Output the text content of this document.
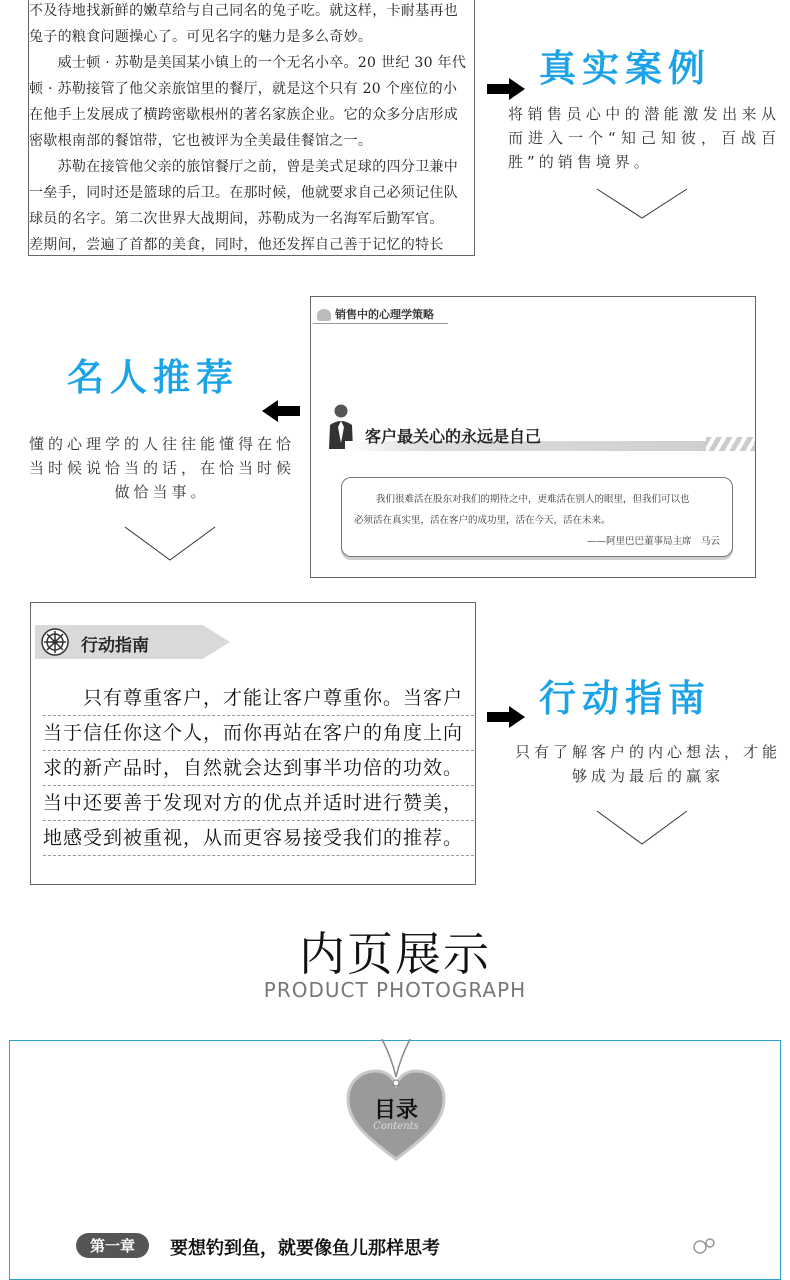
不及待地找新鲜的嫩草给与自己同名的兔子吃。就这样，卡耐基再也

兔子的粮食问题操心了。可见名字的魅力是多么奇妙。

　　威士顿 · 苏勒是美国某小镇上的一个无名小卒。20 世纪 30 年代

顿 · 苏勒接管了他父亲旅馆里的餐厅，就是这个只有 20 个座位的小

在他手上发展成了横跨密歇根州的著名家族企业。它的众多分店形成

密歇根南部的餐馆带，它也被评为全美最佳餐馆之一。

　　苏勒在接管他父亲的旅馆餐厅之前，曾是美式足球的四分卫兼中

一垒手，同时还是篮球的后卫。在那时候，他就要求自己必须记住队

球员的名字。第二次世界大战期间，苏勒成为一名海军后勤军官。

差期间，尝遍了首都的美食，同时，他还发挥自己善于记忆的特长

真实案例
将销售员心中的潜能激发出来从而进入一个“知己知彼，百战百胜”的销售境界。
销售中的心理学策略
客户最关心的永远是自己
我们很难活在股东对我们的期待之中，更难活在别人的眼里，但我们可以也
必须活在真实里，活在客户的成功里，活在今天，活在未来。
——阿里巴巴董事局主席　马云
名人推荐
懂的心理学的人往往能懂得在恰当时候说恰当的话，在恰当时候做恰当事。
行动指南

　　只有尊重客户，才能让客户尊重你。当客户

当于信任你这个人，而你再站在客户的角度上向

求的新产品时，自然就会达到事半功倍的功效。

当中还要善于发现对方的优点并适时进行赞美，

地感受到被重视，从而更容易接受我们的推荐。

行动指南
只有了解客户的内心想法，才能够成为最后的赢家
内页展示
PRODUCT PHOTOGRAPH
目录
Contents
第一章	要想钓到鱼，就要像鱼儿那样思考
